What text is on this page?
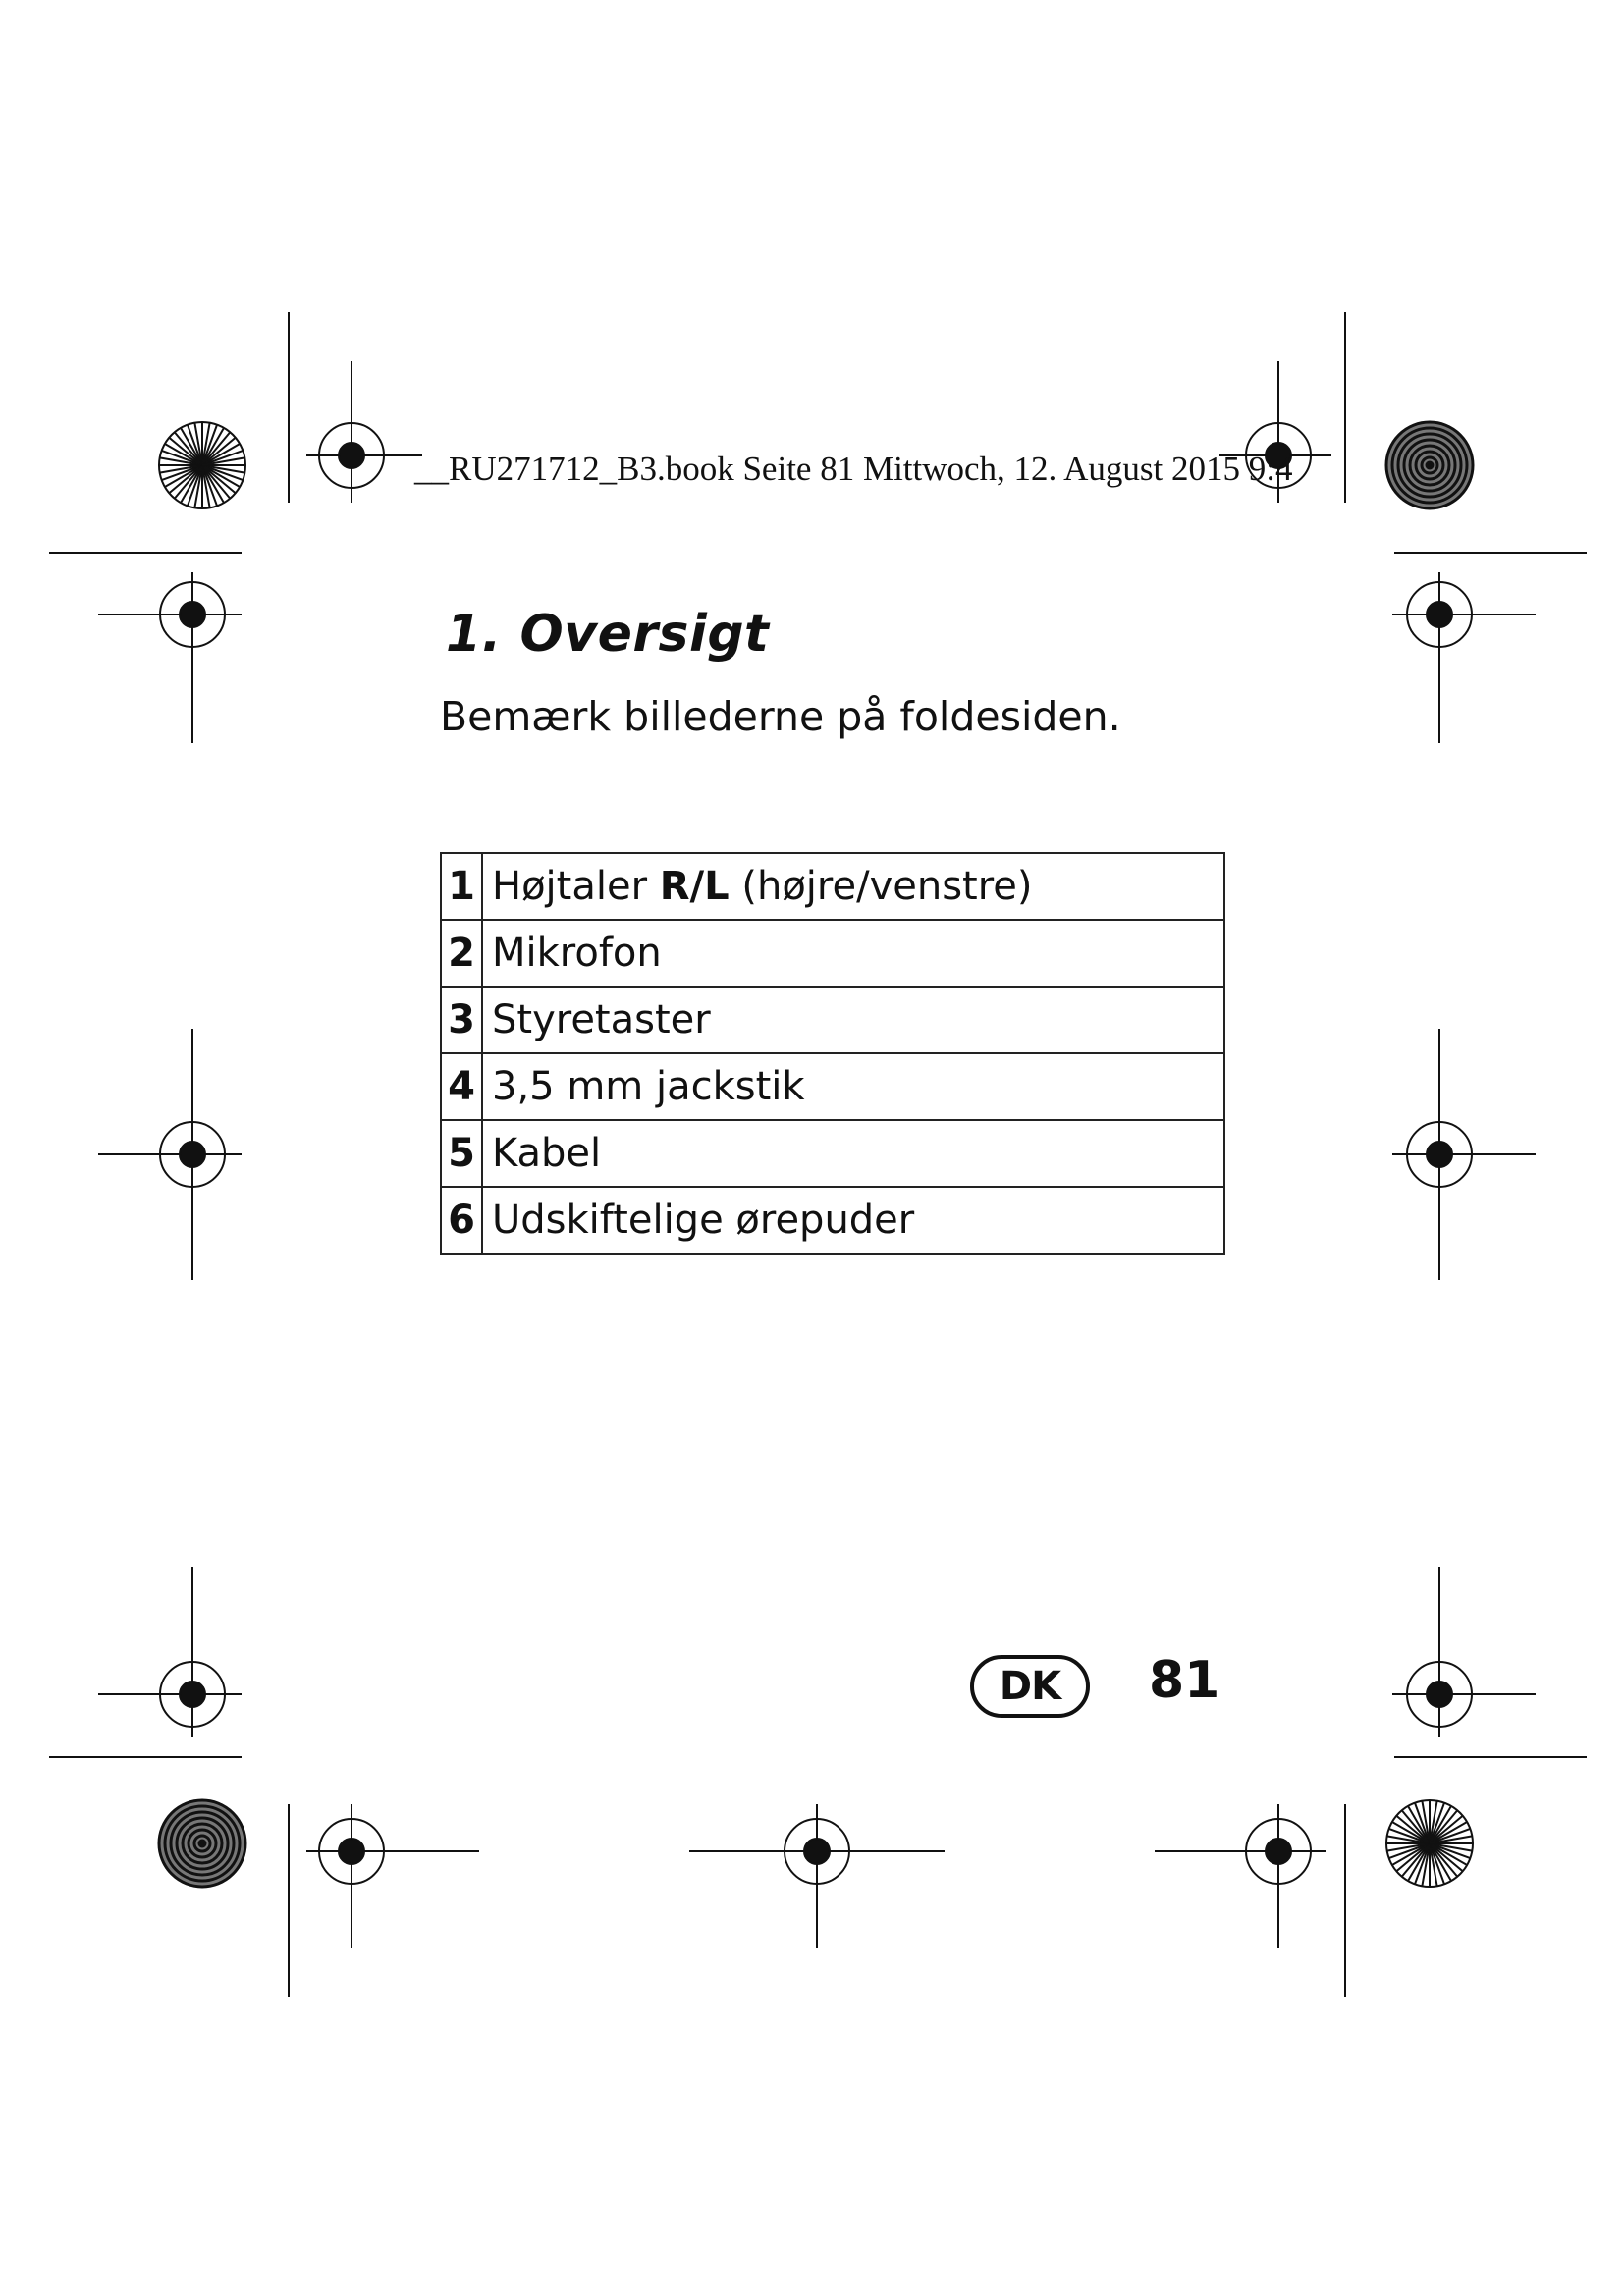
__RU271712_B3.book Seite 81 Mittwoch, 12. August 2015 9:4
1. Oversigt

Bemærk billederne på foldesiden.

1	Højtaler R/L (højre/venstre)
2	Mikrofon
3	Styretaster
4	3,5 mm jackstik
5	Kabel
6	Udskiftelige ørepuder
DK	81
